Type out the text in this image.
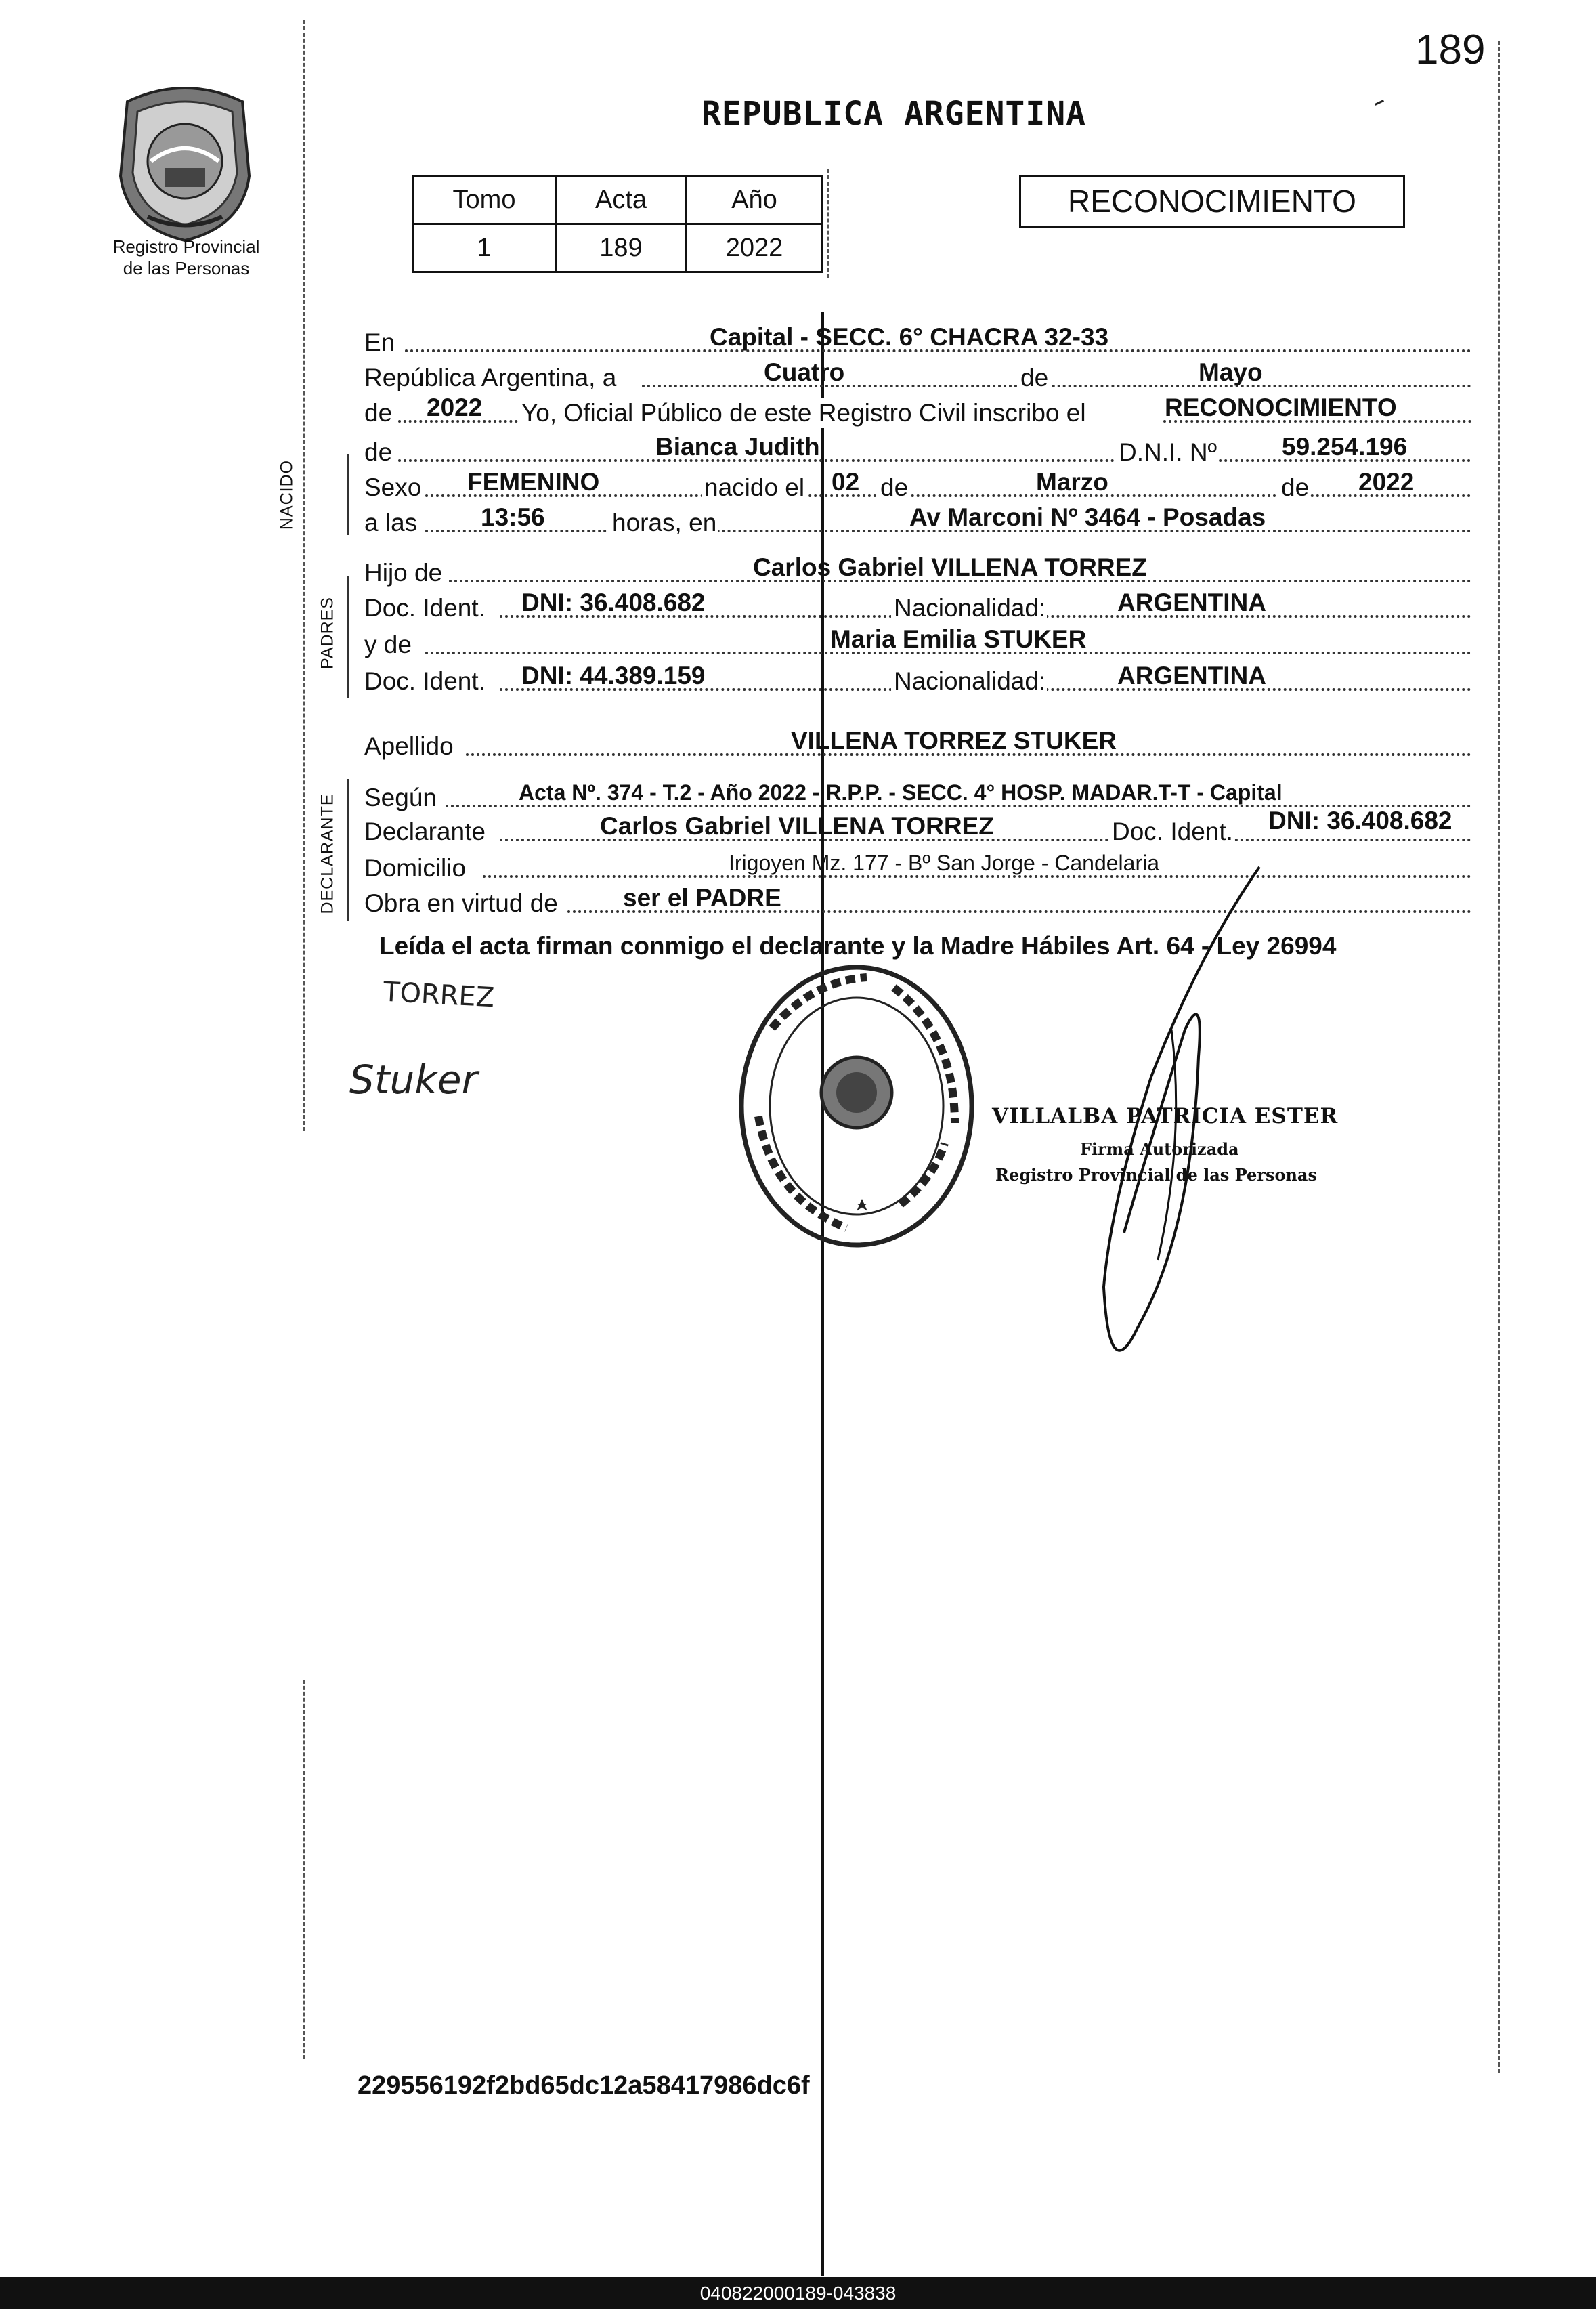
189
REPUBLICA ARGENTINA
Registro Provincial
de las Personas
Tomo	Acta	Año
1	189	2022
RECONOCIMIENTO
En	Capital - SECC. 6° CHACRA 32-33
República Argentina, a	Cuatro	de	Mayo
de 2022 Yo, Oficial Público de este Registro Civil inscribo el	RECONOCIMIENTO
de	Bianca Judith	D.N.I. Nº	59.254.196
Sexo FEMENINO	nacido el 02 de	Marzo	de 2022
a las	13:56	horas, en	Av Marconi Nº 3464 - Posadas
Hijo de	Carlos Gabriel VILLENA TORREZ
Doc. Ident. DNI: 36.408.682	Nacionalidad:	ARGENTINA
y de	Maria Emilia STUKER
Doc. Ident. DNI: 44.389.159	Nacionalidad:	ARGENTINA
Apellido	VILLENA TORREZ STUKER
Según	Acta Nº. 374 - T.2 - Año 2022 - R.P.P. - SECC. 4° HOSP. MADAR.T-T - Capital
Declarante	Carlos Gabriel VILLENA TORREZ	Doc. Ident. DNI: 36.408.682
Domicilio	Irigoyen Mz. 177 - Bº San Jorge - Candelaria
Obra en virtud de	ser el PADRE
NACIDO
PADRES
DECLARANTE
Leída el acta firman conmigo el declarante y la Madre Hábiles Art. 64 - Ley 26994
TORREZ
Stuker
VILLALBA PATRICIA ESTER
Firma Autorizada
Registro Provincial de las Personas
229556192f2bd65dc12a58417986dc6f
040822000189-043838
